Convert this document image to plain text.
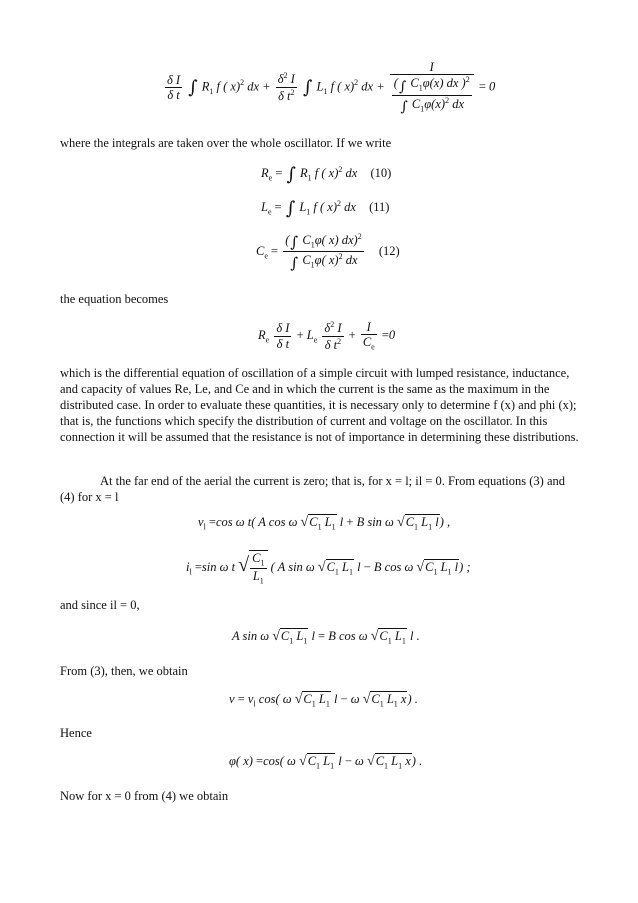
$\frac{\text{δ I}}{\text{δ t}}$ ∫ $R_1$ f ( x)$^2$ dx + $\frac{\delta^2 I}{\delta t^2}$ ∫ $L_1$ f ( x)$^2$ dx + $\frac{I}{\frac{(\int C_1\varphi(x) dx )^2}{\int C_1\varphi(x)^2 dx}} = 0$
where the integrals are taken over the whole oscillator. If we write
$R_e$ = ∫ $R_1$ f ( x)$^2$ dx (10)
$L_e$ = ∫ $L_1$ f ( x)$^2$ dx (11)
$C_e = \frac{(\int C_1\varphi( x) dx)^2}{\int C_1\varphi( x)^2 dx} (12)$
the equation becomes
$R_e \frac{\text{δ I}}{\text{δ t}} + L_e \frac{\delta^2 I}{\delta t^2} + \frac{I}{C_e} =0$
which is the differential equation of oscillation of a simple circuit with lumped resistance, inductance, and capacity of values Re, Le, and Ce and in which the current is the same as the maximum in the distributed case. In order to evaluate these quantities, it is necessary only to determine f (x) and phi (x); that is, the functions which specify the distribution of current and voltage on the oscillator. In this connection it will be assumed that the resistance is not of importance in determining these distributions.
At the far end of the aerial the current is zero; that is, for x = l; il = 0. From equations (3) and (4) for x = l
$v_l =\cos$ ω t( A cos ω $√C_1$ $L_1$ l + B sin ω $√C_1$ $L_1$ l) ,
$i_l =\sin$ ω t √ $\frac{C_1}{L_1}$ ( A sin ω $√C_1$ $L_1$ l − B cos ω $√C_1$ $L_1$ l) ;
and since il = 0,
A sin ω $√C_1$ $L_1$ l = B cos ω $√C_1$ $L_1$ l .
From (3), then, we obtain
$v = v_l$ cos( ω $√C_1$ $L_1$ l − ω $√C_1$ $L_1$ x) .
Hence
φ( x) =cos( ω $√C_1$ $L_1$ l − ω $√C_1$ $L_1$ x) .
Now for x = 0 from (4) we obtain
